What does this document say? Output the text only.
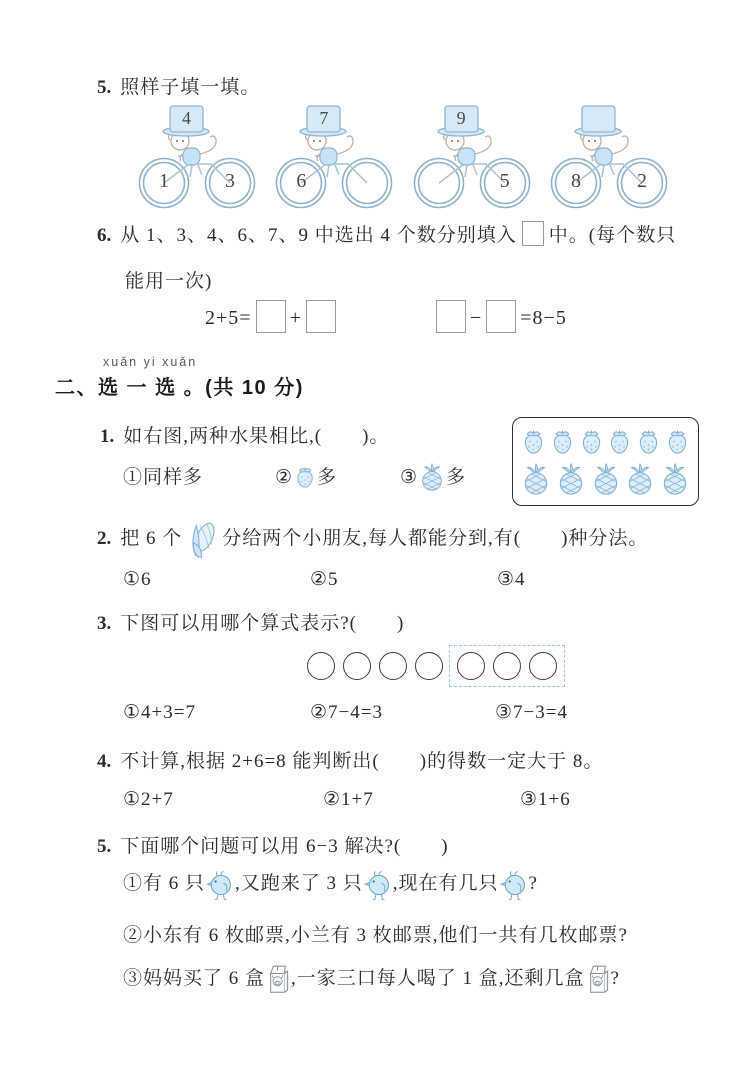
5. 照样子填一填。
4
1	3
7
6
9
5	8	2
6. 从 1、3、4、6、7、9 中选出 4 个数分别填入 中。(每个数只
能用一次)
2+5= +	− =8−5
xuǎn yi xuǎn
二、选 一 选 。(共 10 分)
1. 如右图,两种水果相比,(　　)。
①同样多	② 多	③ 多
2. 把 6 个 分给两个小朋友,每人都能分到,有(　　)种分法。
①6	②5	③4
3. 下图可以用哪个算式表示?(　　)
①4+3=7	②7−4=3	③7−3=4
4. 不计算,根据 2+6=8 能判断出(　　)的得数一定大于 8。
①2+7	②1+7	③1+6
5. 下面哪个问题可以用 6−3 解决?(　　)
①有 6 只 ,又跑来了 3 只 ,现在有几只 ?
②小东有 6 枚邮票,小兰有 3 枚邮票,他们一共有几枚邮票?
③妈妈买了 6 盒 ,一家三口每人喝了 1 盒,还剩几盒 ?
